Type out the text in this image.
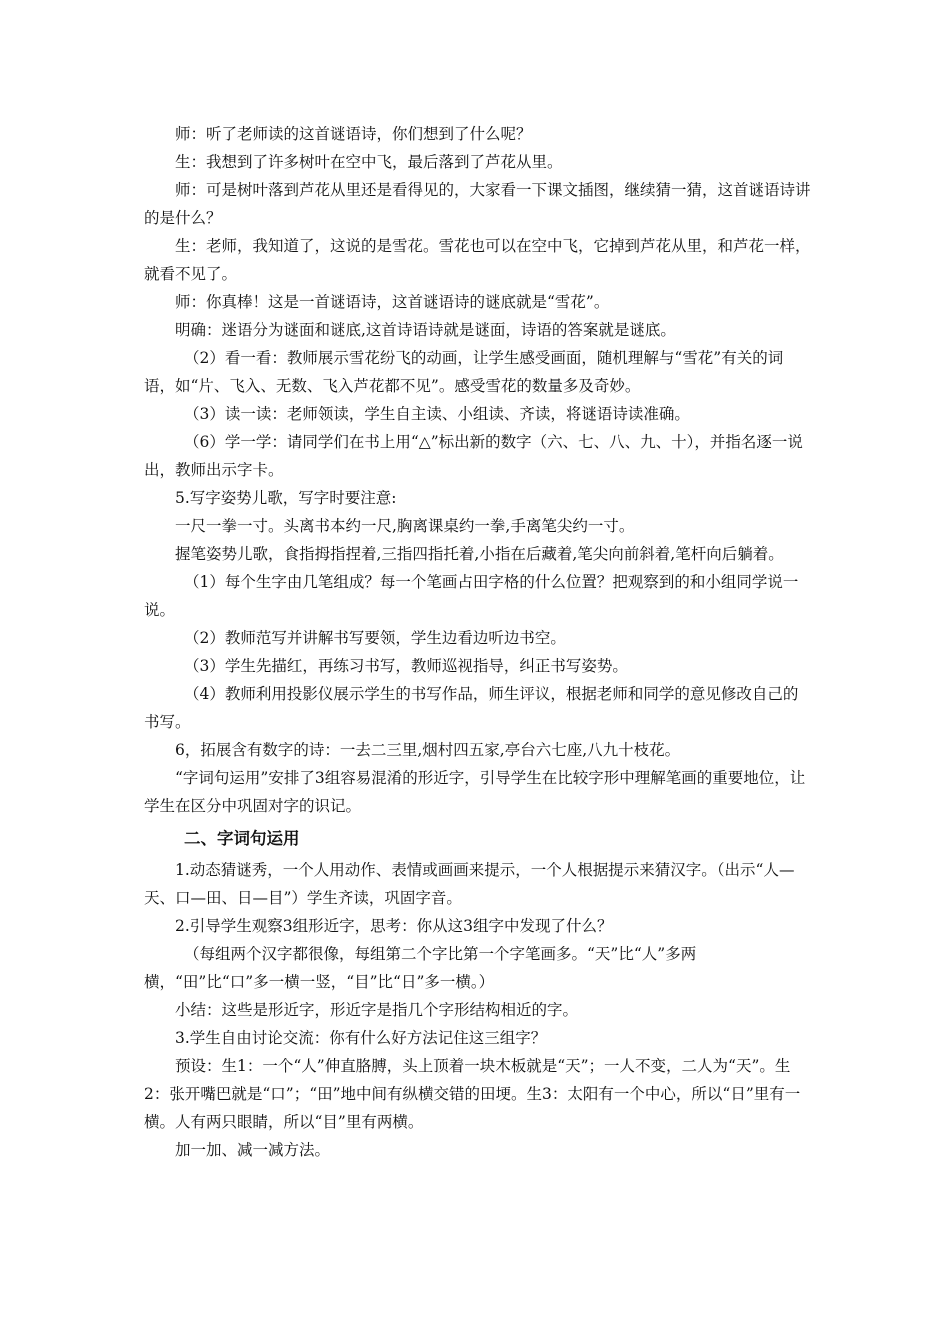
师：听了老师读的这首谜语诗，你们想到了什么呢？

生：我想到了许多树叶在空中飞，最后落到了芦花从里。

师：可是树叶落到芦花从里还是看得见的，大家看一下课文插图，继续猜一猜，这首谜语诗讲的是什么？

生：老师，我知道了，这说的是雪花。雪花也可以在空中飞，它掉到芦花从里，和芦花一样，就看不见了。

师：你真棒！这是一首谜语诗，这首谜语诗的谜底就是“雪花”。

明确：迷语分为谜面和谜底,这首诗语诗就是谜面，诗语的答案就是谜底。

（2）看一看：教师展示雪花纷飞的动画，让学生感受画面，随机理解与“雪花”有关的词语，如“片、飞入、无数、飞入芦花都不见”。感受雪花的数量多及奇妙。

（3）读一读：老师领读，学生自主读、小组读、齐读，将谜语诗读准确。

（6）学一学：请同学们在书上用“△”标出新的数字（六、七、八、九、十），并指名逐一说出，教师出示字卡。

5.写字姿势儿歌，写字时要注意:

一尺一拳一寸。头离书本约一尺,胸离课桌约一拳,手离笔尖约一寸。

握笔姿势儿歌，食指拇指捏着,三指四指托着,小指在后藏着,笔尖向前斜着,笔杆向后躺着。

（1）每个生字由几笔组成？每一个笔画占田字格的什么位置？把观察到的和小组同学说一说。

（2）教师范写并讲解书写要领，学生边看边听边书空。

（3）学生先描红，再练习书写，教师巡视指导，纠正书写姿势。

（4）教师利用投影仪展示学生的书写作品，师生评议，根据老师和同学的意见修改自己的书写。

6，拓展含有数字的诗：一去二三里,烟村四五家,亭台六七座,八九十枝花。

“字词句运用”安排了3组容易混淆的形近字，引导学生在比较字形中理解笔画的重要地位，让学生在区分中巩固对字的识记。

二、字词句运用

1.动态猜谜秀，一个人用动作、表情或画画来提示，一个人根据提示来猜汉字。（出示“人—天、口—田、日—目”）学生齐读，巩固字音。

2.引导学生观察3组形近字，思考：你从这3组字中发现了什么？

（每组两个汉字都很像，每组第二个字比第一个字笔画多。“天”比“人”多两横，“田”比“口”多一横一竖，“目”比“日”多一横。）

小结：这些是形近字，形近字是指几个字形结构相近的字。

3.学生自由讨论交流：你有什么好方法记住这三组字？

预设：生1：一个“人”伸直胳膊，头上顶着一块木板就是“天”；一人不变，二人为“天”。生2：张开嘴巴就是“口”；“田”地中间有纵横交错的田埂。生3：太阳有一个中心，所以“日”里有一横。人有两只眼睛，所以“目”里有两横。

加一加、减一减方法。
